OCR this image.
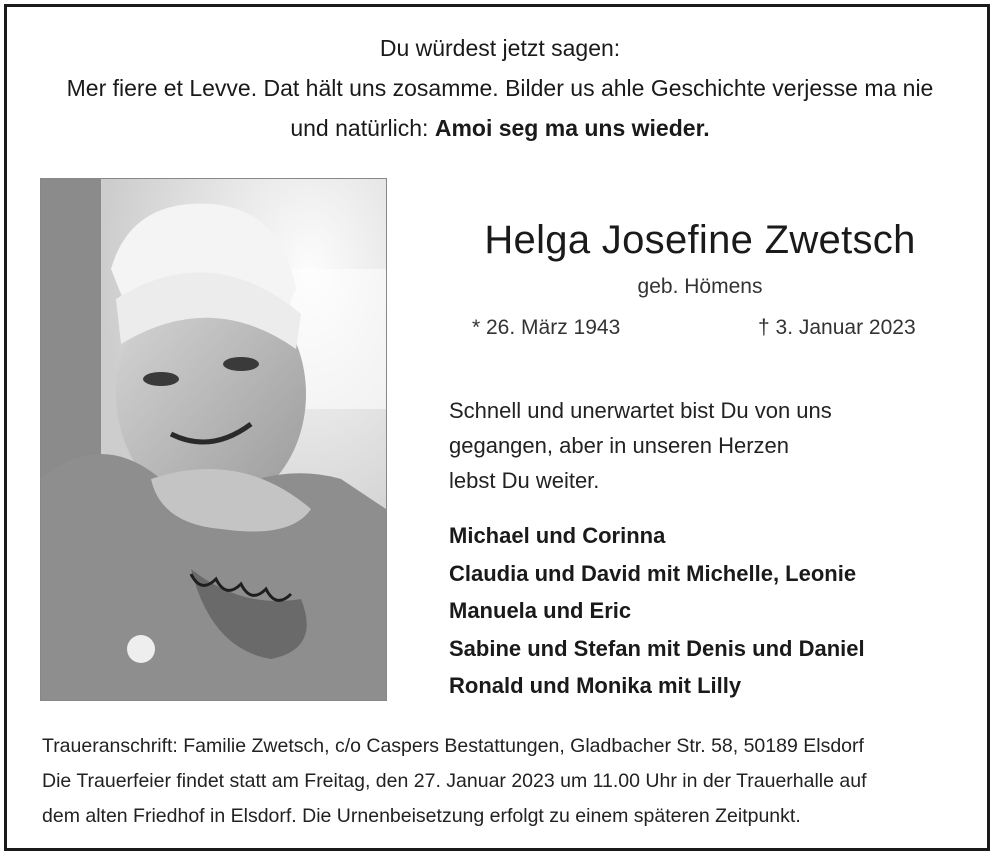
Du würdest jetzt sagen:
Mer fiere et Levve. Dat hält uns zosamme. Bilder us ahle Geschichte verjesse ma nie
und natürlich: Amoi seg ma uns wieder.
Helga Josefine Zwetsch
geb. Hömens
* 26. März 1943	† 3. Januar 2023
Schnell und unerwartet bist Du von uns
gegangen, aber in unseren Herzen
lebst Du weiter.
Michael und Corinna
Claudia und David mit Michelle, Leonie
Manuela und Eric
Sabine und Stefan mit Denis und Daniel
Ronald und Monika mit Lilly
Traueranschrift: Familie Zwetsch, c/o Caspers Bestattungen, Gladbacher Str. 58, 50189 Elsdorf
Die Trauerfeier findet statt am Freitag, den 27. Januar 2023 um 11.00 Uhr in der Trauerhalle auf
dem alten Friedhof in Elsdorf. Die Urnenbeisetzung erfolgt zu einem späteren Zeitpunkt.
